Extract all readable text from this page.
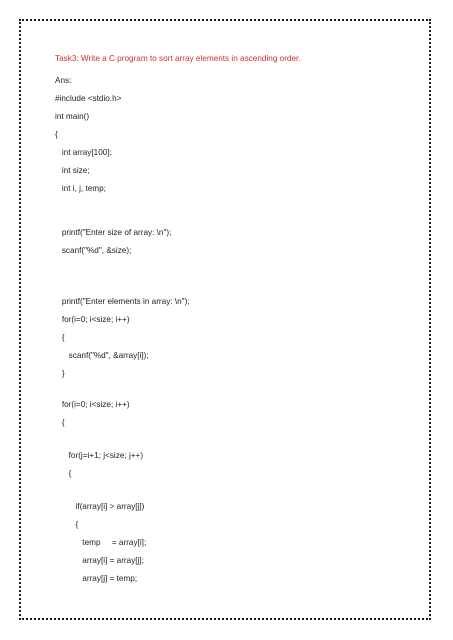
Task3: Write a C program to sort array elements in ascending order.
Ans:
#include <stdio.h>
int main()
{
int array[100];
int size;
int i, j, temp;
printf("Enter size of array: \n");
scanf("%d", &size);
printf("Enter elements in array: \n");
for(i=0; i<size; i++)
{
scanf("%d", &array[i]);
}
for(i=0; i<size; i++)
{
for(j=i+1; j<size; j++)
{
if(array[i] > array[j])
{
temp     = array[i];
array[i] = array[j];
array[j] = temp;
